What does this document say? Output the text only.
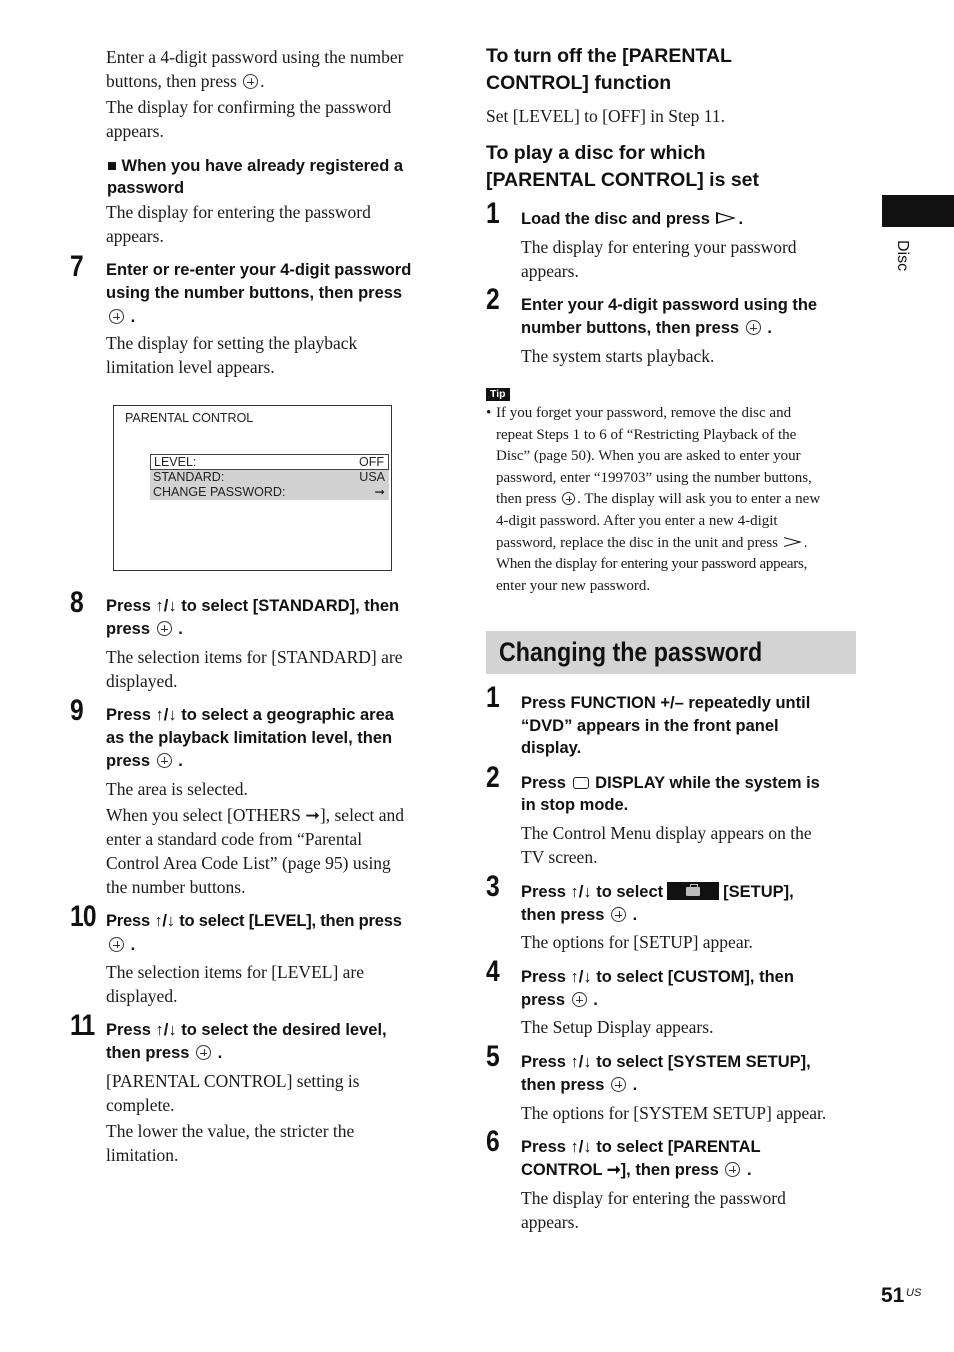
Enter a 4-digit password using the number
buttons, then press .
The display for confirming the password
appears.
■ When you have already registered a
password
The display for entering the password
appears.
7 Enter or re-enter your 4-digit password
using the number buttons, then press
.
The display for setting the playback
limitation level appears.
PARENTAL CONTROL
LEVEL:	OFF
STANDARD:	USA
CHANGE PASSWORD:	➞
8 Press ↑/↓ to select [STANDARD], then
press  .
The selection items for [STANDARD] are
displayed.
9 Press ↑/↓ to select a geographic area
as the playback limitation level, then
press  .
The area is selected.
When you select [OTHERS ➞], select and
enter a standard code from “Parental
Control Area Code List” (page 95) using
the number buttons.
10 Press ↑/↓ to select [LEVEL], then press
.
The selection items for [LEVEL] are
displayed.
11 Press ↑/↓ to select the desired level,
then press  .
[PARENTAL CONTROL] setting is
complete.
The lower the value, the stricter the
limitation.
To turn off the [PARENTAL
CONTROL] function
Set [LEVEL] to [OFF] in Step 11.
To play a disc for which
[PARENTAL CONTROL] is set
1 Load the disc and press .
The display for entering your password
appears.
2 Enter your 4-digit password using the
number buttons, then press  .
The system starts playback.
Tip
• If you forget your password, remove the disc and
repeat Steps 1 to 6 of “Restricting Playback of the
Disc” (page 50). When you are asked to enter your
password, enter “199703” using the number buttons,
then press . The display will ask you to enter a new
4-digit password. After you enter a new 4-digit
password, replace the disc in the unit and press .
When the display for entering your password appears,
enter your new password.
Changing the password
1 Press FUNCTION +/– repeatedly until
“DVD” appears in the front panel
display.
2 Press DISPLAY while the system is
in stop mode.
The Control Menu display appears on the
TV screen.
3 Press ↑/↓ to select	[SETUP],
then press  .
The options for [SETUP] appear.
4 Press ↑/↓ to select [CUSTOM], then
press  .
The Setup Display appears.
5 Press ↑/↓ to select [SYSTEM SETUP],
then press  .
The options for [SYSTEM SETUP] appear.
6 Press ↑/↓ to select [PARENTAL
CONTROL ➞], then press  .
The display for entering the password
appears.
Disc
51 US
